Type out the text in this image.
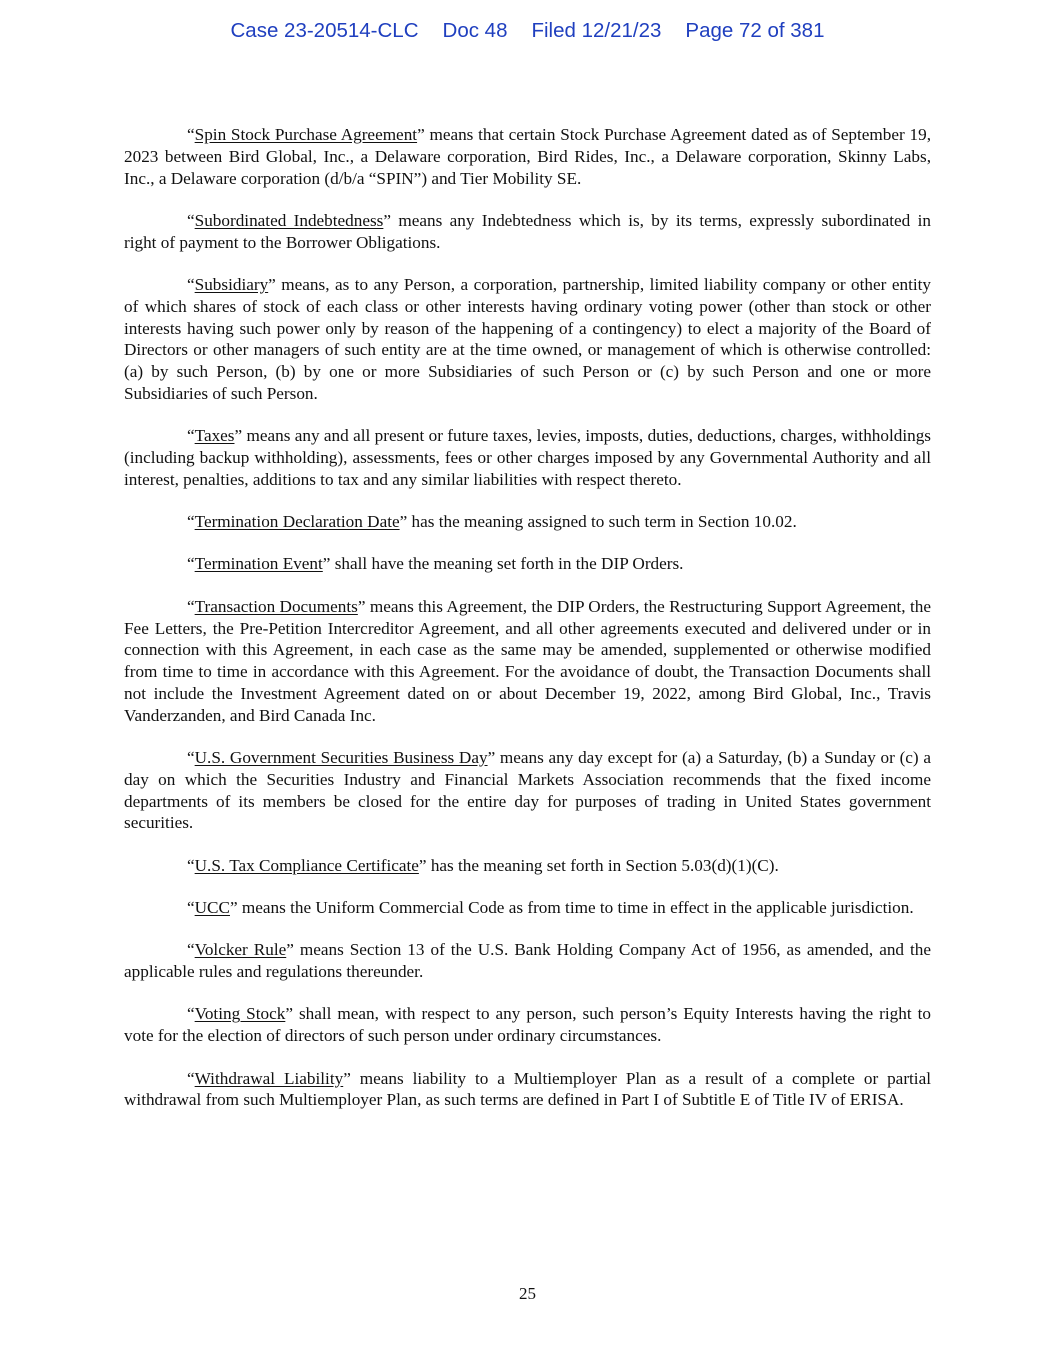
Case 23-20514-CLC Doc 48 Filed 12/21/23 Page 72 of 381

“Spin Stock Purchase Agreement” means that certain Stock Purchase Agreement dated as of September 19, 2023 between Bird Global, Inc., a Delaware corporation, Bird Rides, Inc., a Delaware corporation, Skinny Labs, Inc., a Delaware corporation (d/b/a “SPIN”) and Tier Mobility SE.

“Subordinated Indebtedness” means any Indebtedness which is, by its terms, expressly subordinated in right of payment to the Borrower Obligations.

“Subsidiary” means, as to any Person, a corporation, partnership, limited liability company or other entity of which shares of stock of each class or other interests having ordinary voting power (other than stock or other interests having such power only by reason of the happening of a contingency) to elect a majority of the Board of Directors or other managers of such entity are at the time owned, or management of which is otherwise controlled: (a) by such Person, (b) by one or more Subsidiaries of such Person or (c) by such Person and one or more Subsidiaries of such Person.

“Taxes” means any and all present or future taxes, levies, imposts, duties, deductions, charges, withholdings (including backup withholding), assessments, fees or other charges imposed by any Governmental Authority and all interest, penalties, additions to tax and any similar liabilities with respect thereto.

“Termination Declaration Date” has the meaning assigned to such term in Section 10.02.

“Termination Event” shall have the meaning set forth in the DIP Orders.

“Transaction Documents” means this Agreement, the DIP Orders, the Restructuring Support Agreement, the Fee Letters, the Pre-Petition Intercreditor Agreement, and all other agreements executed and delivered under or in connection with this Agreement, in each case as the same may be amended, supplemented or otherwise modified from time to time in accordance with this Agreement. For the avoidance of doubt, the Transaction Documents shall not include the Investment Agreement dated on or about December 19, 2022, among Bird Global, Inc., Travis Vanderzanden, and Bird Canada Inc.

“U.S. Government Securities Business Day” means any day except for (a) a Saturday, (b) a Sunday or (c) a day on which the Securities Industry and Financial Markets Association recommends that the fixed income departments of its members be closed for the entire day for purposes of trading in United States government securities.

“U.S. Tax Compliance Certificate” has the meaning set forth in Section 5.03(d)(1)(C).

“UCC” means the Uniform Commercial Code as from time to time in effect in the applicable jurisdiction.

“Volcker Rule” means Section 13 of the U.S. Bank Holding Company Act of 1956, as amended, and the applicable rules and regulations thereunder.

“Voting Stock” shall mean, with respect to any person, such person’s Equity Interests having the right to vote for the election of directors of such person under ordinary circumstances.

“Withdrawal Liability” means liability to a Multiemployer Plan as a result of a complete or partial withdrawal from such Multiemployer Plan, as such terms are defined in Part I of Subtitle E of Title IV of ERISA.

25
